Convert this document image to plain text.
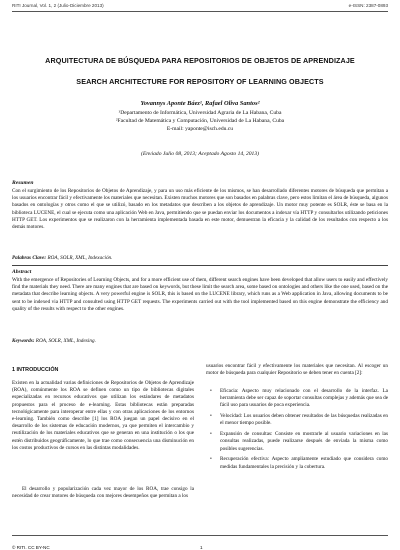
RITI Journal, Vol. 1, 2 (Julio-Diciembre 2013)	e-ISSN: 2387-0893
ARQUITECTURA DE BÚSQUEDA PARA REPOSITORIOS DE OBJETOS DE APRENDIZAJE
SEARCH ARCHITECTURE FOR REPOSITORY OF LEARNING OBJECTS
Yovannys Aponte Báez¹, Rafael Oliva Santos²
¹Departamento de Informática, Universidad Agraria de La Habana, Cuba
²Facultad de Matemática y Computación, Universidad de La Habana, Cuba
E-mail: yaponte@isch.edu.cu
(Enviado Julio 08, 2013; Aceptado Agosto 14, 2013)
Resumen

Con el surgimiento de los Repositorios de Objetos de Aprendizaje, y para un uso más eficiente de los mismos, se han desarrollado diferentes motores de búsqueda que permitan a los usuarios encontrar fácil y efectivamente los materiales que necesitan. Existen muchos motores que son basados en palabras clave, pero estos limitan el área de búsqueda, algunos basados en ontologías y otros como el que se utilizó, basado en los metadatos que describen a los objetos de aprendizaje. Un motor muy potente es SOLR, éste se basa en la biblioteca LUCENE, el cual se ejecuta como una aplicación Web en Java, permitiendo que se puedan enviar los documentos a indexar vía HTTP y consultarlos utilizando peticiones HTTP GET. Los experimentos que se realizaron con la herramienta implementada basada en este motor, demuestran la eficacia y la calidad de los resultados con respecto a los demás motores.

Palabras Clave: ROA, SOLR, XML, Indexación.
Abstract

With the emergence of Repositories of Learning Objects, and for a more efficient use of them, different search engines have been developed that allow users to easily and effectively find the materials they need. There are many engines that are based on keywords, but these limit the search area, some based on ontologies and others like the one used, based on the metadata that describe learning objects. A very powerful engine is SOLR, this is based on the LUCENE library, which runs as a Web application in Java, allowing documents to be sent to be indexed via HTTP and consulted using HTTP GET requests. The experiments carried out with the tool implemented based on this engine demonstrate the efficiency and quality of the results with respect to the other engines.

Keywords: ROA, SOLR, XML, Indexing.
1 INTRODUCCIÓN

Existen en la actualidad varias definiciones de Repositorios de Objetos de Aprendizaje (ROA), comúnmente los ROA se definen como un tipo de bibliotecas digitales especializadas en recursos educativos que utilizan los estándares de metadatos propuestos para el proceso de e-learning. Estas bibliotecas están preparadas tecnológicamente para interoperar entre ellas y con otras aplicaciones de los entornos e-learning. También como describe [1] los ROA juegan un papel decisivo en el desarrollo de los sistemas de educación modernos, ya que permiten el intercambio y reutilización de los materiales educativos que se generan en una institución o los que estén distribuidos geográficamente, lo que trae como consecuencia una disminución en los costos productivos de cursos en las distintas modalidades.

El desarrollo y popularización cada vez mayor de los ROA, trae consigo la necesidad de crear motores de búsqueda con mejores desempeños que permitan a los

usuarios encontrar fácil y efectivamente los materiales que necesitan. Al escoger un motor de búsqueda para cualquier Repositorio se deben tener en cuenta [2]:

• Eficacia: Aspecto muy relacionado con el desarrollo de la interfaz. La herramienta debe ser capaz de soportar consultas complejas y además que sea de fácil uso para usuarios de poca experiencia.
• Velocidad: Los usuarios deben obtener resultados de las búsquedas realizadas en el menor tiempo posible.
• Expansión de consultas: Consiste en mostrarle al usuario variaciones en las consultas realizadas, puede realizarse después de enviada la misma como posibles sugerencias.
• Recuperación efectiva: Aspecto ampliamente estudiado que considera como medidas fundamentales la precisión y la cobertura.
© RITI. CC BY-NC	1
